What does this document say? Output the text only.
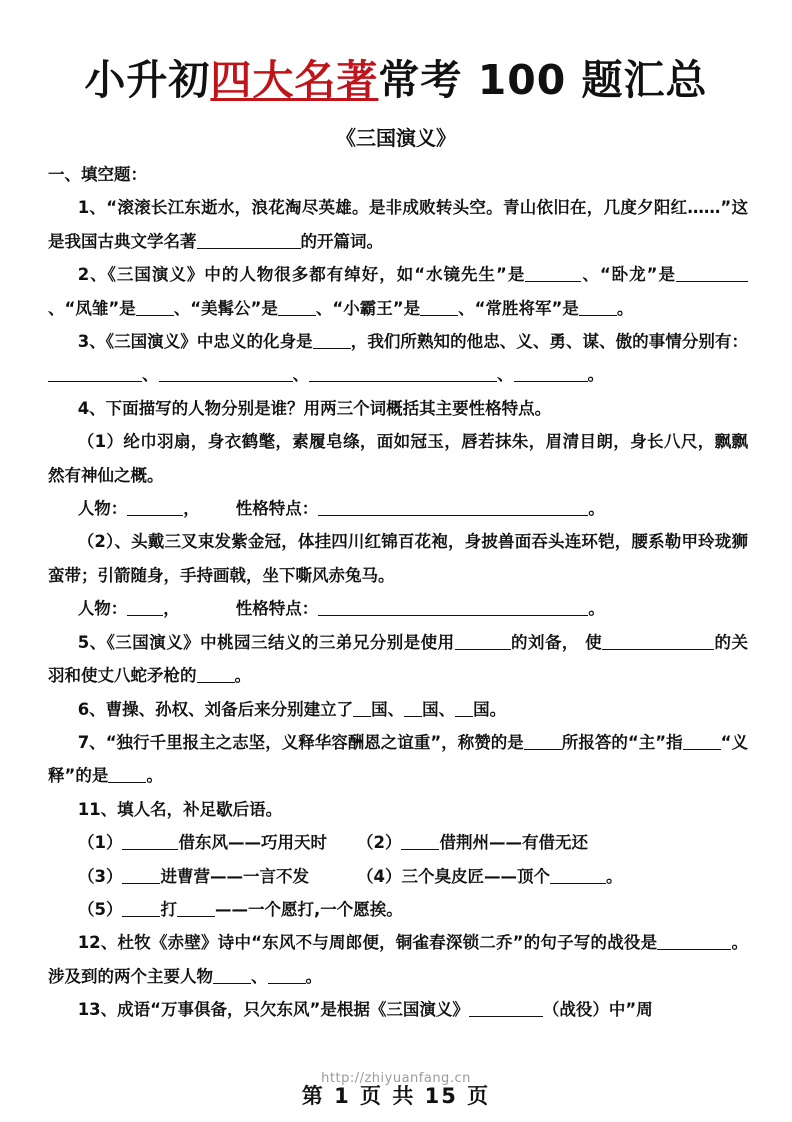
小升初四大名著常考 100 题汇总
《三国演义》

一、填空题：

1、“滚滚长江东逝水，浪花淘尽英雄。是非成败转头空。青山依旧在，几度夕阳红……”这是我国古典文学名著	的开篇词。

2、《三国演义》中的人物很多都有绰好，如“水镜先生”是	、“卧龙”是、“凤雏”是 、“美髯公”是 、“小霸王”是 、“常胜将军”是 。

3、《三国演义》中忠义的化身是 ，我们所熟知的他忠、义、勇、谋、傲的事情分别有：、	、	、	。

4、下面描写的人物分别是谁？用两三个词概括其主要性格特点。

（1）纶巾羽扇，身衣鹤氅，素履皂绦，面如冠玉，唇若抹朱，眉清目朗，身长八尺，飘飘然有神仙之概。

人物：	， 性格特点：	。

（2）、头戴三叉束发紫金冠，体挂四川红锦百花袍，身披兽面吞头连环铠，腰系勒甲玲珑狮蛮带；引箭随身，手持画戟，坐下嘶风赤兔马。

人物： ，	性格特点：	。

5、《三国演义》中桃园三结义的三弟兄分别是使用	的刘备， 使	的关羽和使丈八蛇矛枪的 。

6、曹操、孙权、刘备后来分别建立了 国、 国、 国。

7、“独行千里报主之志坚，义释华容酬恩之谊重”，称赞的是 所报答的“主”指 “义释”的是 。

11、填人名，补足歇后语。

（1）	借东风——巧用天时 （2） 借荆州——有借无还
（3） 进曹营——一言不发	（4）三个臭皮匠——顶个	。
（5） 打 ——一个愿打,一个愿挨。

12、杜牧《赤壁》诗中“东风不与周郎便，铜雀春深锁二乔”的句子写的战役是	。涉及到的两个主要人物 、 。

13、成语“万事俱备，只欠东风”是根据《三国演义》	（战役）中”周

http://zhiyuanfang.cn
第 1 页 共 15 页
